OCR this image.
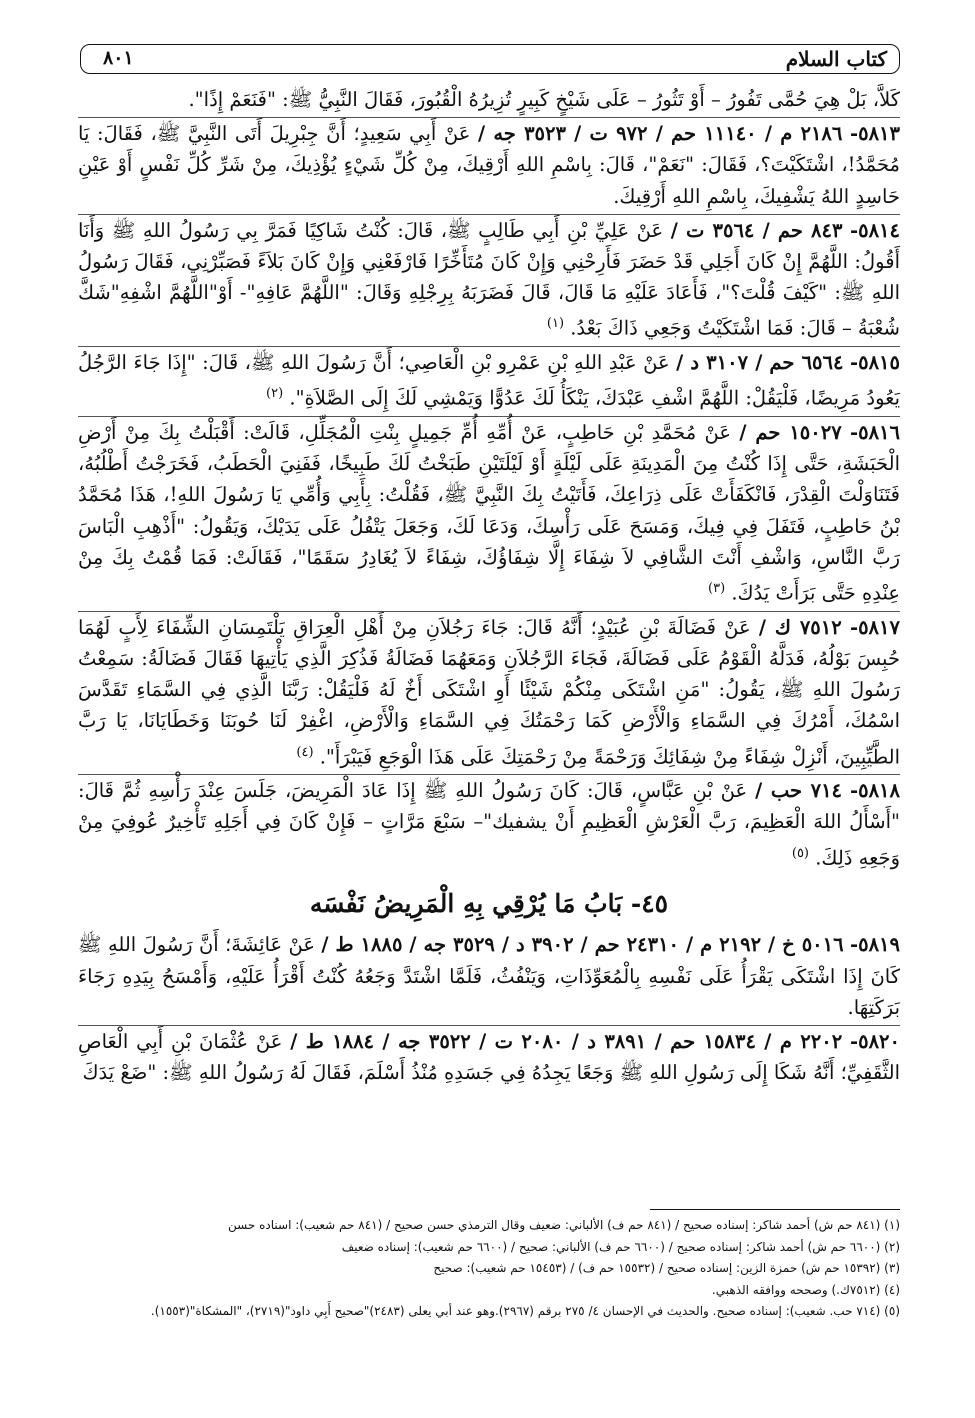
كتاب السلام
٨٠١

كَلاَّ، بَلْ هِيَ حُمَّى تَفُورُ – أَوْ تَثُورُ – عَلَى شَيْخٍ كَبِيرٍ تُزِيرُهُ الْقُبُورَ، فَقَالَ النَّبِيُّ ﷺ: "فَنَعَمْ إِذًا".

٥٨١٣- ٢١٨٦ م / ١١١٤٠ حم / ٩٧٢ ت / ٣٥٢٣ جه / عَنْ أَبِي سَعِيدٍ؛ أَنَّ جِبْرِيلَ أَتَى النَّبِيَّ ﷺ، فَقَالَ: يَا مُحَمَّدُ!، اشْتَكَيْتَ؟، فَقَالَ: "نَعَمْ"، قَالَ: بِاسْمِ اللهِ أَرْقِيكَ، مِنْ كُلِّ شَيْءٍ يُؤْذِيكَ، مِنْ شَرِّ كُلِّ نَفْسٍ أَوْ عَيْنِ حَاسِدٍ اللهُ يَشْفِيكَ، بِاسْمِ اللهِ أَرْقِيكَ.

٥٨١٤- ٨٤٣ حم / ٣٥٦٤ ت / عَنْ عَلِيِّ بْنِ أَبِي طَالِبٍ ﷺ، قَالَ: كُنْتُ شَاكِيًا فَمَرَّ بِي رَسُولُ اللهِ ﷺ وَأَنَا أَقُولُ: اللَّهُمَّ إِنْ كَانَ أَجَلِي قَدْ حَضَرَ فَأَرِحْنِي وَإِنْ كَانَ مُتَأَخِّرًا فَارْفَعْنِي وَإِنْ كَانَ بَلاَءً فَصَبِّرْنِي، فَقَالَ رَسُولُ اللهِ ﷺ: "كَيْفَ قُلْتَ؟"، فَأَعَادَ عَلَيْهِ مَا قَالَ، قَالَ فَضَرَبَهُ بِرِجْلِهِ وَقَالَ: "اللَّهُمَّ عَافِهِ"- أَوْ"اللَّهُمَّ اشْفِهِ"شَكَّ شُعْبَةُ – قَالَ: فَمَا اشْتَكَيْتُ وَجَعِي ذَاكَ بَعْدُ. $^{(١)}$

٥٨١٥- ٦٥٦٤ حم / ٣١٠٧ د / عَنْ عَبْدِ اللهِ بْنِ عَمْرِو بْنِ الْعَاصِي؛ أَنَّ رَسُولَ اللهِ ﷺ، قَالَ: "إِذَا جَاءَ الرَّجُلُ يَعُودُ مَرِيضًا، فَلْيَقُلْ: اللَّهُمَّ اشْفِ عَبْدَكَ، يَنْكَأُ لَكَ عَدُوًّا وَيَمْشِي لَكَ إِلَى الصَّلاَةِ". $^{(٢)}$

٥٨١٦- ١٥٠٢٧ حم / عَنْ مُحَمَّدِ بْنِ حَاطِبٍ، عَنْ أُمِّهِ أُمِّ جَمِيلٍ بِنْتِ الْمُجَلِّلِ، قَالَتْ: أَقْبَلْتُ بِكَ مِنْ أَرْضِ الْحَبَشَةِ، حَتَّى إِذَا كُنْتُ مِنَ الْمَدِينَةِ عَلَى لَيْلَةٍ أَوْ لَيْلَتَيْنِ طَبَخْتُ لَكَ طَبِيخًا، فَفَنِيَ الْحَطَبُ، فَخَرَجْتُ أَطْلُبُهُ، فَتَنَاوَلْتَ الْقِدْرَ، فَانْكَفَأَتْ عَلَى ذِرَاعِكَ، فَأَتَيْتُ بِكَ النَّبِيَّ ﷺ، فَقُلْتُ: بِأَبِي وَأُمِّي يَا رَسُولَ اللهِ!، هَذَا مُحَمَّدُ بْنُ حَاطِبٍ، فَتَفَلَ فِي فِيكَ، وَمَسَحَ عَلَى رَأْسِكَ، وَدَعَا لَكَ، وَجَعَلَ يَتْفُلُ عَلَى يَدَيْكَ، وَيَقُولُ: "أَذْهِبِ الْبَاسَ رَبَّ النَّاسِ، وَاشْفِ أَنْتَ الشَّافِي لاَ شِفَاءَ إِلَّا شِفَاؤُكَ، شِفَاءً لاَ يُغَادِرُ سَقَمًا"، فَقَالَتْ: فَمَا قُمْتُ بِكَ مِنْ عِنْدِهِ حَتَّى بَرَأَتْ يَدُكَ. $^{(٣)}$

٥٨١٧- ٧٥١٢ ك / عَنْ فَضَالَةَ بْنِ عُبَيْدٍ؛ أَنَّهُ قَالَ: جَاءَ رَجُلاَنِ مِنْ أَهْلِ الْعِرَاقِ يَلْتَمِسَانِ الشِّفَاءَ لِأَبٍ لَهُمَا حُبِسَ بَوْلُهُ، فَدَلَّهُ الْقَوْمُ عَلَى فَضَالَةَ، فَجَاءَ الرَّجُلاَنِ وَمَعَهُمَا فَضَالَةُ فَذُكِرَ الَّذِي يَأْتِيهَا فَقَالَ فَضَالَةُ: سَمِعْتُ رَسُولَ اللهِ ﷺ، يَقُولُ: "مَنِ اشْتَكَى مِنْكُمْ شَيْئًا أَوِ اشْتَكَى أَخٌ لَهُ فَلْيَقُلْ: رَبَّنَا الَّذِي فِي السَّمَاءِ تَقَدَّسَ اسْمُكَ، أَمْرُكَ فِي السَّمَاءِ وَالْأَرْضِ كَمَا رَحْمَتُكَ فِي السَّمَاءِ وَالْأَرْضِ، اغْفِرْ لَنَا حُوبَنَا وَخَطَايَانَا، يَا رَبَّ الطَّيِّبِينَ، أَنْزِلْ شِفَاءً مِنْ شِفَائِكَ وَرَحْمَةً مِنْ رَحْمَتِكَ عَلَى هَذَا الْوَجَعِ فَيَبْرَأَ". $^{(٤)}$

٥٨١٨- ٧١٤ حب / عَنْ بْنِ عَبَّاسٍ، قَالَ: كَانَ رَسُولُ اللهِ ﷺ إِذَا عَادَ الْمَرِيضَ، جَلَسَ عِنْدَ رَأْسِهِ ثُمَّ قَالَ: "أَسْأَلُ اللهَ الْعَظِيمَ، رَبَّ الْعَرْشِ الْعَظِيمِ أَنْ يشفيك"– سَبْعَ مَرَّاتٍ – فَإِنْ كَانَ فِي أَجَلِهِ تَأْخِيرٌ عُوفِيَ مِنْ وَجَعِهِ ذَلِكَ. $^{(٥)}$

٤٥- بَابُ مَا يُرْقِي بِهِ الْمَرِيضُ نَفْسَه

٥٨١٩- ٥٠١٦ خ / ٢١٩٢ م / ٢٤٣١٠ حم / ٣٩٠٢ د / ٣٥٢٩ جه / ١٨٨٥ ط / عَنْ عَائِشَةَ؛ أَنَّ رَسُولَ اللهِ ﷺ كَانَ إِذَا اشْتَكَى يَقْرَأُ عَلَى نَفْسِهِ بِالْمُعَوِّذَاتِ، وَيَنْفُثُ، فَلَمَّا اشْتَدَّ وَجَعُهُ كُنْتُ أَقْرَأُ عَلَيْهِ، وَأَمْسَحُ بِيَدِهِ رَجَاءَ بَرَكَتِهَا.

٥٨٢٠- ٢٢٠٢ م / ١٥٨٣٤ حم / ٣٨٩١ د / ٢٠٨٠ ت / ٣٥٢٢ جه / ١٨٨٤ ط / عَنْ عُثْمَانَ بْنِ أَبِي الْعَاصِ الثَّقَفِيِّ؛ أَنَّهُ شَكَا إِلَى رَسُولِ اللهِ ﷺ وَجَعًا يَجِدُهُ فِي جَسَدِهِ مُنْذُ أَسْلَمَ، فَقَالَ لَهُ رَسُولُ اللهِ ﷺ: "ضَعْ يَدَكَ

(١) (٨٤١ حم ش) أحمد شاكر: إسناده صحيح / (٨٤١ حم ف) الألباني: ضعيف وقال الترمذي حسن صحيح / (٨٤١ حم شعيب): اسناده حسن

(٢) (٦٦٠٠ حم ش) أحمد شاكر: إسناده صحيح / (٦٦٠٠ حم ف) الألباني: صحيح / (٦٦٠٠ حم شعيب): إسناده ضعيف

(٣) (١٥٣٩٢ حم ش) حمزة الزين: إسناده صحيح / (١٥٥٣٢ حم ف) / (١٥٤٥٣ حم شعيب): صحيح

(٤) (٧٥١٢ك.) وصححه ووافقه الذهبي.

(٥) (٧١٤ حب. شعيب): إسناده صحيح. والحديث في الإحسان ٤/ ٢٧٥ برقم (٢٩٦٧).وهو عند أبي يعلى (٢٤٨٣)"صحيح أَبِي داود"(٢٧١٩)، "المشكاة"(١٥٥٣).
